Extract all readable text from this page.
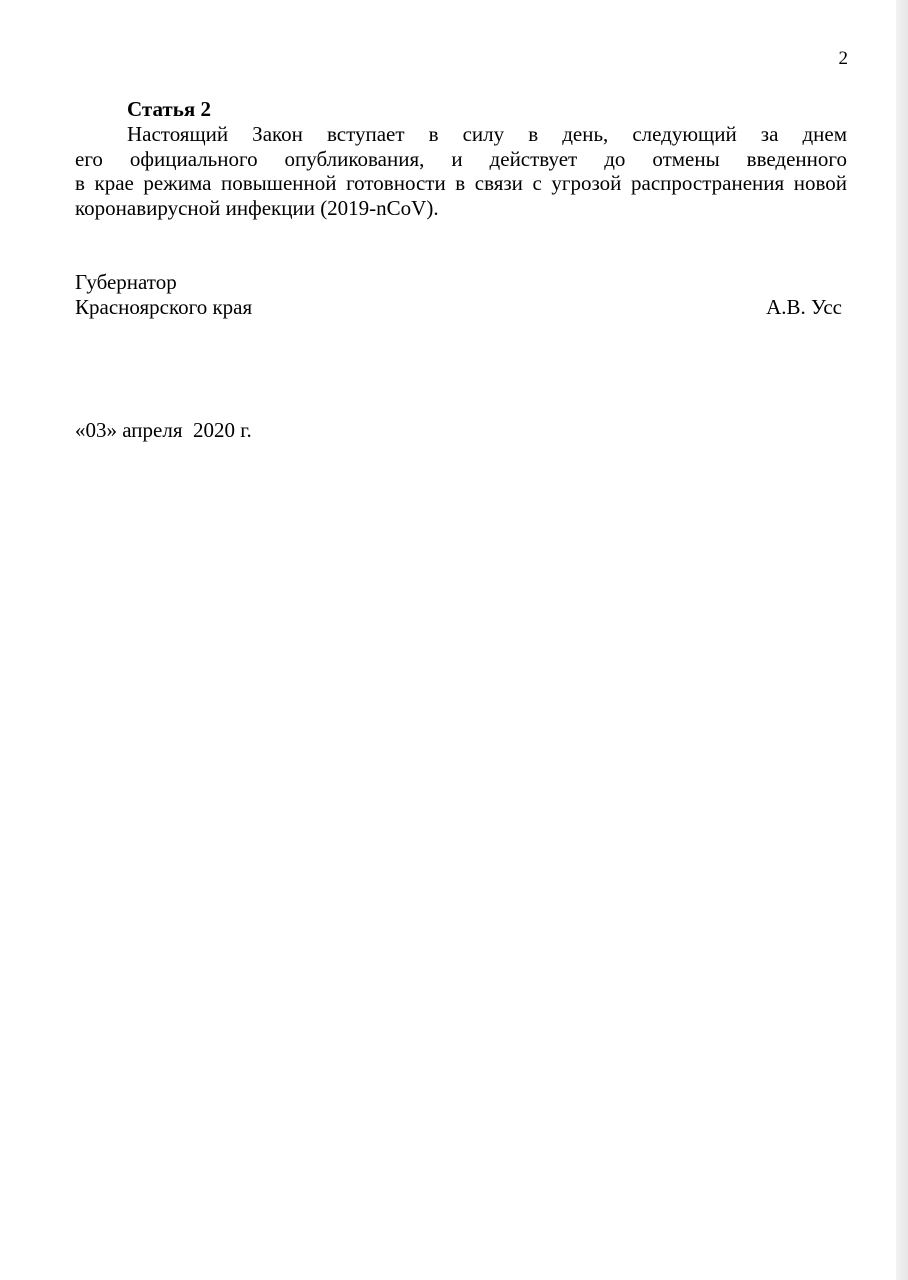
2
Статья 2
Настоящий Закон вступает в силу в день, следующий за днем
его официального опубликования, и действует до отмены введенного
в крае режима повышенной готовности в связи с угрозой распространения новой
коронавирусной инфекции (2019-nCoV).
Губернатор
Красноярского края	А.В. Усс
«03» апреля  2020 г.
